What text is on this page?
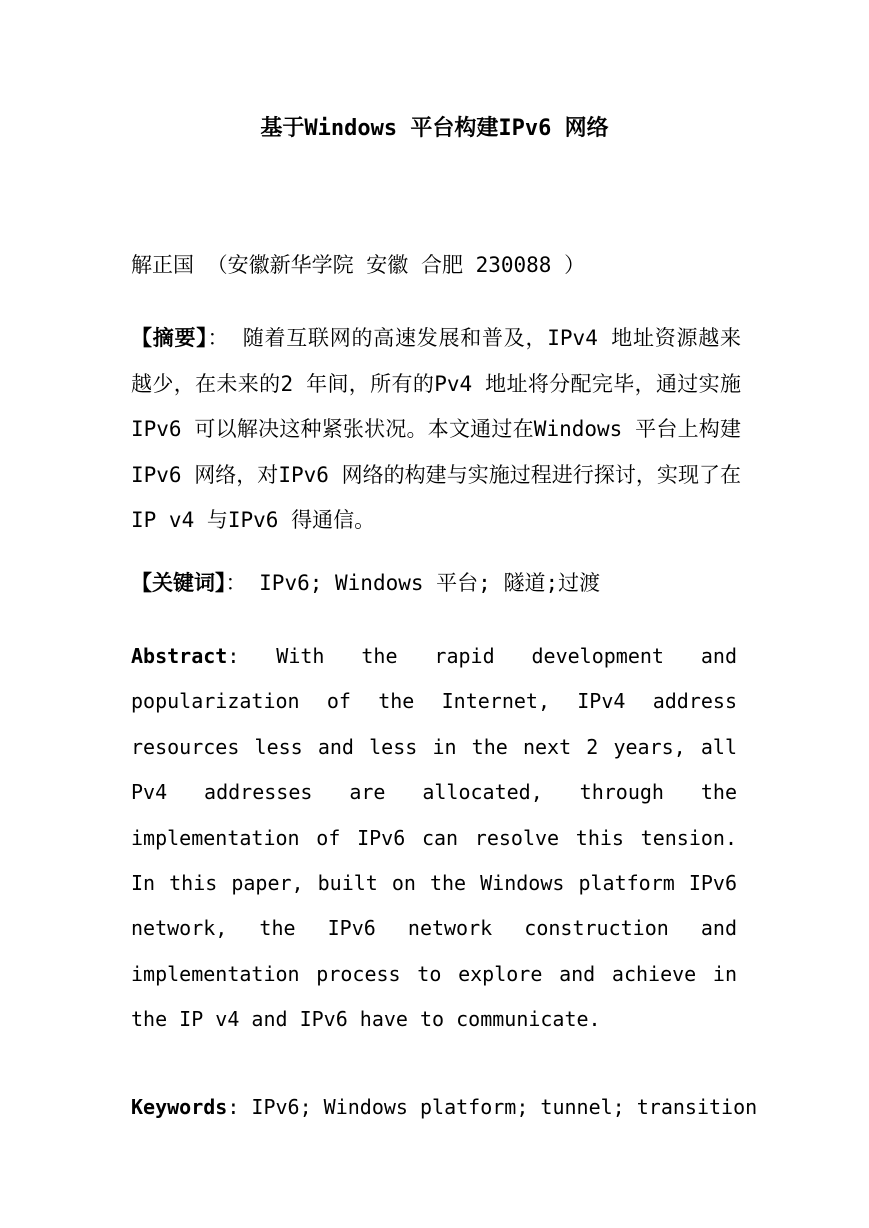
基于Windows 平台构建IPv6 网络
解正国 （安徽新华学院 安徽 合肥 230088 ）
【摘要】： 随着互联网的高速发展和普及，IPv4 地址资源越来越少，在未来的2 年间，所有的Pv4 地址将分配完毕，通过实施IPv6 可以解决这种紧张状况。本文通过在Windows 平台上构建IPv6 网络，对IPv6 网络的构建与实施过程进行探讨，实现了在IP v4 与IPv6 得通信。
【关键词】： IPv6; Windows 平台; 隧道;过渡
Abstract: With the rapid development and popularization of the Internet, IPv4 address resources less and less in the next 2 years, all Pv4 addresses are allocated, through the implementation of IPv6 can resolve this tension. In this paper, built on the Windows platform IPv6 network, the IPv6 network construction and implementation process to explore and achieve in the IP v4 and IPv6 have to communicate.
Keywords: IPv6; Windows platform; tunnel; transition
